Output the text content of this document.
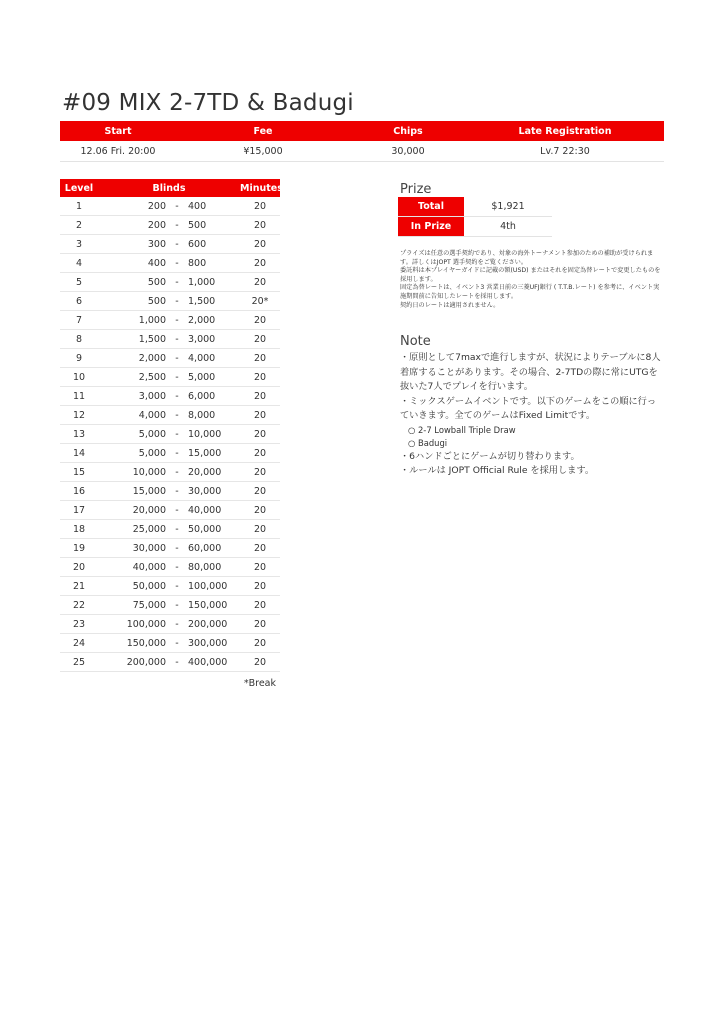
#09 MIX 2-7TD & Badugi
Start	Fee	Chips	Late Registration
12.06 Fri. 20:00	¥15,000	30,000	Lv.7 22:30
Level	Blinds	Minutes
1	200 - 400	20
2	200 - 500	20
3	300 - 600	20
4	400 - 800	20
5	500 - 1,000	20
6	500 - 1,500	20*
7	1,000 - 2,000	20
8	1,500 - 3,000	20
9	2,000 - 4,000	20
10	2,500 - 5,000	20
11	3,000 - 6,000	20
12	4,000 - 8,000	20
13	5,000 - 10,000	20
14	5,000 - 15,000	20
15	10,000 - 20,000	20
16	15,000 - 30,000	20
17	20,000 - 40,000	20
18	25,000 - 50,000	20
19	30,000 - 60,000	20
20	40,000 - 80,000	20
21	50,000 - 100,000	20
22	75,000 - 150,000	20
23	100,000 - 200,000	20
24	150,000 - 300,000	20
25	200,000 - 400,000	20
*Break
Prize
Total	$1,921
In Prize	4th

プライズは任意の選手契約であり、対象の海外トーナメント参加のための補助が受けられます。詳しくはJOPT 選手契約をご覧ください。

委託料は本プレイヤーガイドに記載の額(USD) またはそれを固定為替レートで変更したものを採用します。

固定為替レートは、イベント3 営業日前の三菱UFJ銀行 ( T.T.B.レート) を参考に、イベント実施期間前に告知したレートを採用します。

契約日のレートは適用されません。

Note

・原則として7maxで進行しますが、状況によりテーブルに8人着席することがあります。その場合、2-7TDの際に常にUTGを抜いた7人でプレイを行います。

・ミックスゲームイベントです。以下のゲームをこの順に行っていきます。全てのゲームはFixed Limitです。

○ 2-7 Lowball Triple Draw

○ Badugi

・6ハンドごとにゲームが切り替わります。

・ルールは JOPT Official Rule を採用します。
